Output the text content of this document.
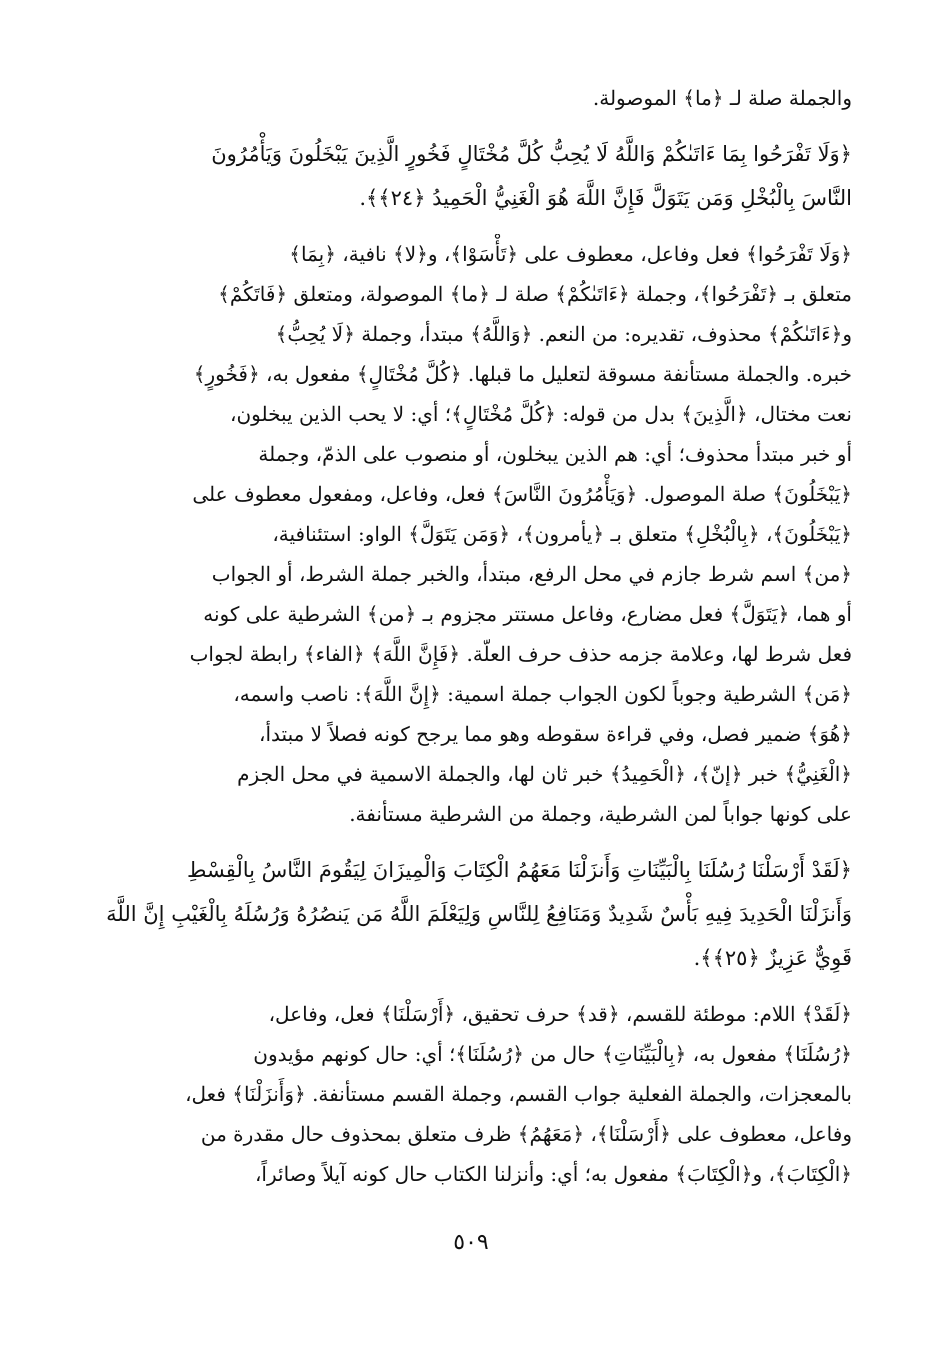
والجملة صلة لـ ﴿ما﴾ الموصولة.
﴿وَلَا تَفْرَحُوا بِمَا ءَاتَىٰكُمْ وَاللَّهُ لَا يُحِبُّ كُلَّ مُخْتَالٍ فَخُورٍ الَّذِينَ يَبْخَلُونَ وَيَأْمُرُونَ
النَّاسَ بِالْبُخْلِ وَمَن يَتَوَلَّ فَإِنَّ اللَّهَ هُوَ الْغَنِيُّ الْحَمِيدُ ﴿٢٤﴾﴾.
﴿وَلَا تَفْرَحُوا﴾ فعل وفاعل، معطوف على ﴿تَأْسَوْا﴾، و﴿لا﴾ نافية، ﴿بِمَا﴾
متعلق بـ ﴿تَفْرَحُوا﴾، وجملة ﴿ءَاتَىٰكُمْ﴾ صلة لـ ﴿ما﴾ الموصولة، ومتعلق ﴿فَاتَكُمْ﴾
و﴿ءَاتَىٰكُمْ﴾ محذوف، تقديره: من النعم. ﴿وَاللَّهُ﴾ مبتدأ، وجملة ﴿لَا يُحِبُّ﴾
خبره. والجملة مستأنفة مسوقة لتعليل ما قبلها. ﴿كُلَّ مُخْتَالٍ﴾ مفعول به، ﴿فَخُورٍ﴾
نعت مختال، ﴿الَّذِينَ﴾ بدل من قوله: ﴿كُلَّ مُخْتَالٍ﴾؛ أي: لا يحب الذين يبخلون،
أو خبر مبتدأ محذوف؛ أي: هم الذين يبخلون، أو منصوب على الذمّ، وجملة
﴿يَبْخَلُونَ﴾ صلة الموصول. ﴿وَيَأْمُرُونَ النَّاسَ﴾ فعل، وفاعل، ومفعول معطوف على
﴿يَبْخَلُونَ﴾، ﴿بِالْبُخْلِ﴾ متعلق بـ ﴿يأمرون﴾، ﴿وَمَن يَتَوَلَّ﴾ الواو: استئنافية،
﴿من﴾ اسم شرط جازم في محل الرفع، مبتدأ، والخبر جملة الشرط، أو الجواب
أو هما، ﴿يَتَوَلَّ﴾ فعل مضارع، وفاعل مستتر مجزوم بـ ﴿من﴾ الشرطية على كونه
فعل شرط لها، وعلامة جزمه حذف حرف العلّة. ﴿فَإِنَّ اللَّهَ﴾ ﴿الفاء﴾ رابطة لجواب
﴿مَن﴾ الشرطية وجوباً لكون الجواب جملة اسمية: ﴿إِنَّ اللَّهَ﴾: ناصب واسمه،
﴿هُوَ﴾ ضمير فصل، وفي قراءة سقوطه وهو مما يرجح كونه فصلاً لا مبتدأ،
﴿الْغَنِيُّ﴾ خبر ﴿إنّ﴾، ﴿الْحَمِيدُ﴾ خبر ثان لها، والجملة الاسمية في محل الجزم
على كونها جواباً لمن الشرطية، وجملة من الشرطية مستأنفة.
﴿لَقَدْ أَرْسَلْنَا رُسُلَنَا بِالْبَيِّنَاتِ وَأَنزَلْنَا مَعَهُمُ الْكِتَابَ وَالْمِيزَانَ لِيَقُومَ النَّاسُ بِالْقِسْطِ
وَأَنزَلْنَا الْحَدِيدَ فِيهِ بَأْسٌ شَدِيدٌ وَمَنَافِعُ لِلنَّاسِ وَلِيَعْلَمَ اللَّهُ مَن يَنصُرُهُ وَرُسُلَهُ بِالْغَيْبِ إِنَّ اللَّهَ
قَوِيٌّ عَزِيزٌ ﴿٢٥﴾﴾.
﴿لَقَدْ﴾ اللام: موطئة للقسم، ﴿قد﴾ حرف تحقيق، ﴿أَرْسَلْنَا﴾ فعل، وفاعل،
﴿رُسُلَنَا﴾ مفعول به، ﴿بِالْبَيِّنَاتِ﴾ حال من ﴿رُسُلَنَا﴾؛ أي: حال كونهم مؤيدون
بالمعجزات، والجملة الفعلية جواب القسم، وجملة القسم مستأنفة. ﴿وَأَنزَلْنَا﴾ فعل،
وفاعل، معطوف على ﴿أَرْسَلْنَا﴾، ﴿مَعَهُمُ﴾ ظرف متعلق بمحذوف حال مقدرة من
﴿الْكِتَابَ﴾، و﴿الْكِتَابَ﴾ مفعول به؛ أي: وأنزلنا الكتاب حال كونه آيلاً وصائراً،
٥٠٩
